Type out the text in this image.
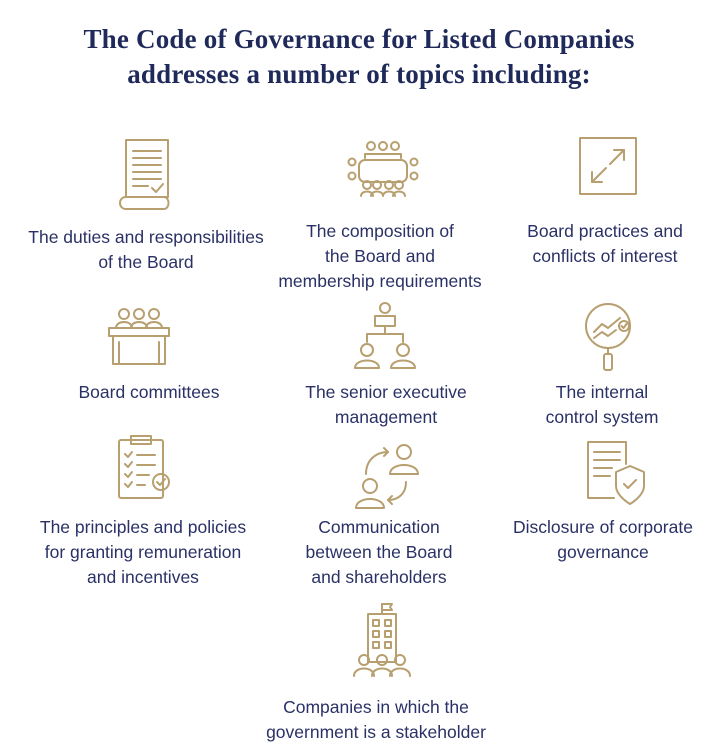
The Code of Governance for Listed Companies
addresses a number of topics including:
The duties and responsibilities
of the Board
The composition of
the Board and
membership requirements
Board practices and
conflicts of interest
Board committees	The senior executive
management
The internal
control system
The principles and policies
for granting remuneration
and incentives
Communication
between the Board
and shareholders
Disclosure of corporate
governance
Companies in which the
government is a stakeholder
